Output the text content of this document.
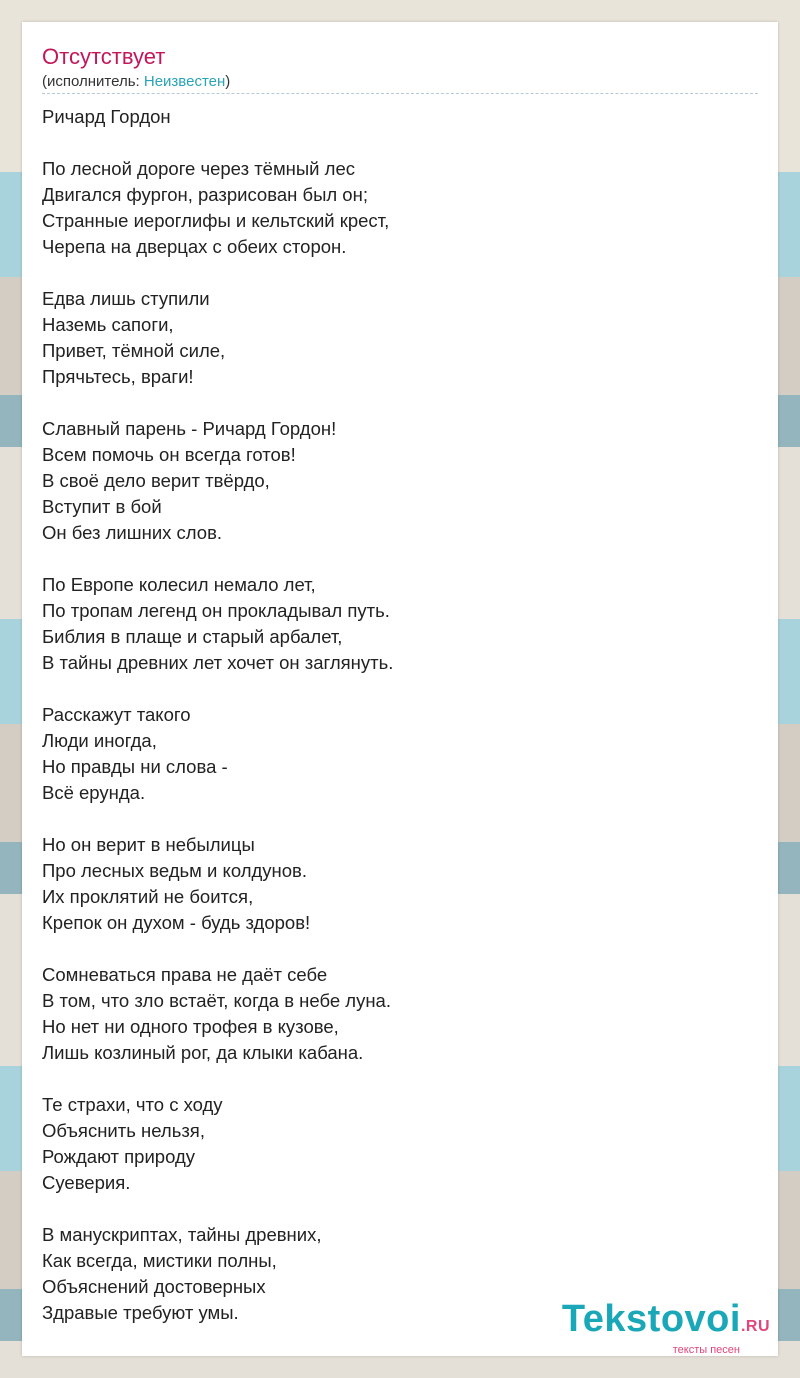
Отсутствует
(исполнитель: Неизвестен)
Ричард Гордон
По лесной дороге через тёмный лес
Двигался фургон, разрисован был он;
Странные иероглифы и кельтский крест,
Черепа на дверцах с обеих сторон.
Едва лишь ступили
Наземь сапоги,
Привет, тёмной силе,
Прячьтесь, враги!
Славный парень - Ричард Гордон!
Всем помочь он всегда готов!
В своё дело верит твёрдо,
Вступит в бой
Он без лишних слов.
По Европе колесил немало лет,
По тропам легенд он прокладывал путь.
Библия в плаще и старый арбалет,
В тайны древних лет хочет он заглянуть.
Расскажут такого
Люди иногда,
Но правды ни слова -
Всё ерунда.
Но он верит в небылицы
Про лесных ведьм и колдунов.
Их проклятий не боится,
Крепок он духом - будь здоров!
Сомневаться права не даёт себе
В том, что зло встаёт, когда в небе луна.
Но нет ни одного трофея в кузове,
Лишь козлиный рог, да клыки кабана.
Те страхи, что с ходу
Объяснить нельзя,
Рождают природу
Суеверия.
В манускриптах, тайны древних,
Как всегда, мистики полны,
Объяснений достоверных
Здравые требуют умы.	Tekstovoi.RU
тексты песен
